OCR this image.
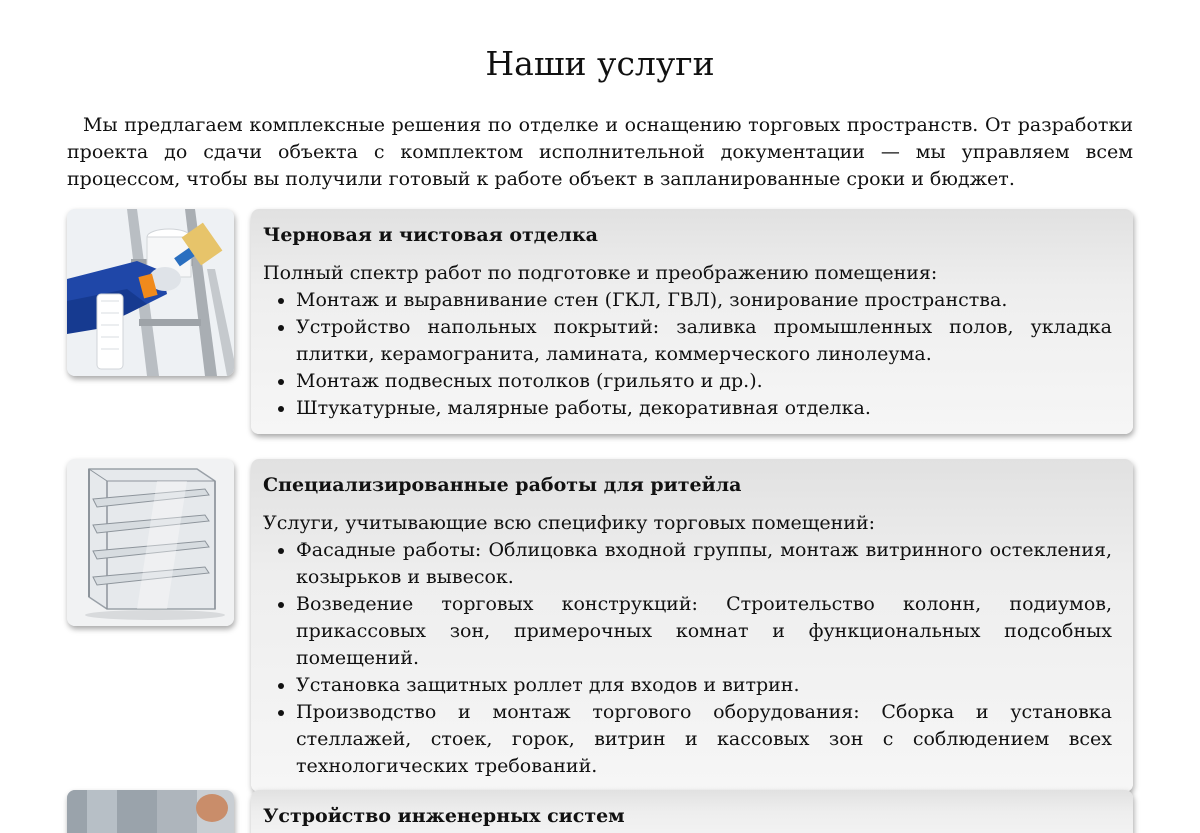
Наши услуги

Мы предлагаем комплексные решения по отделке и оснащению торговых пространств. От разработки проекта до сдачи объекта с комплектом исполнительной документации — мы управляем всем процессом, чтобы вы получили готовый к работе объект в запланированные сроки и бюджет.

Черновая и чистовая отделка

Полный спектр работ по подготовке и преображению помещения:

• Монтаж и выравнивание стен (ГКЛ, ГВЛ), зонирование пространства.
• Устройство напольных покрытий: заливка промышленных полов, укладка плитки, керамогранита, ламината, коммерческого линолеума.
• Монтаж подвесных потолков (грильято и др.).
• Штукатурные, малярные работы, декоративная отделка.
Специализированные работы для ритейла

Услуги, учитывающие всю специфику торговых помещений:

• Фасадные работы: Облицовка входной группы, монтаж витринного остекления, козырьков и вывесок.
• Возведение торговых конструкций: Строительство колонн, подиумов, прикассовых зон, примерочных комнат и функциональных подсобных помещений.
• Установка защитных роллет для входов и витрин.
• Производство и монтаж торгового оборудования: Сборка и установка стеллажей, стоек, горок, витрин и кассовых зон с соблюдением всех технологических требований.
Устройство инженерных систем
